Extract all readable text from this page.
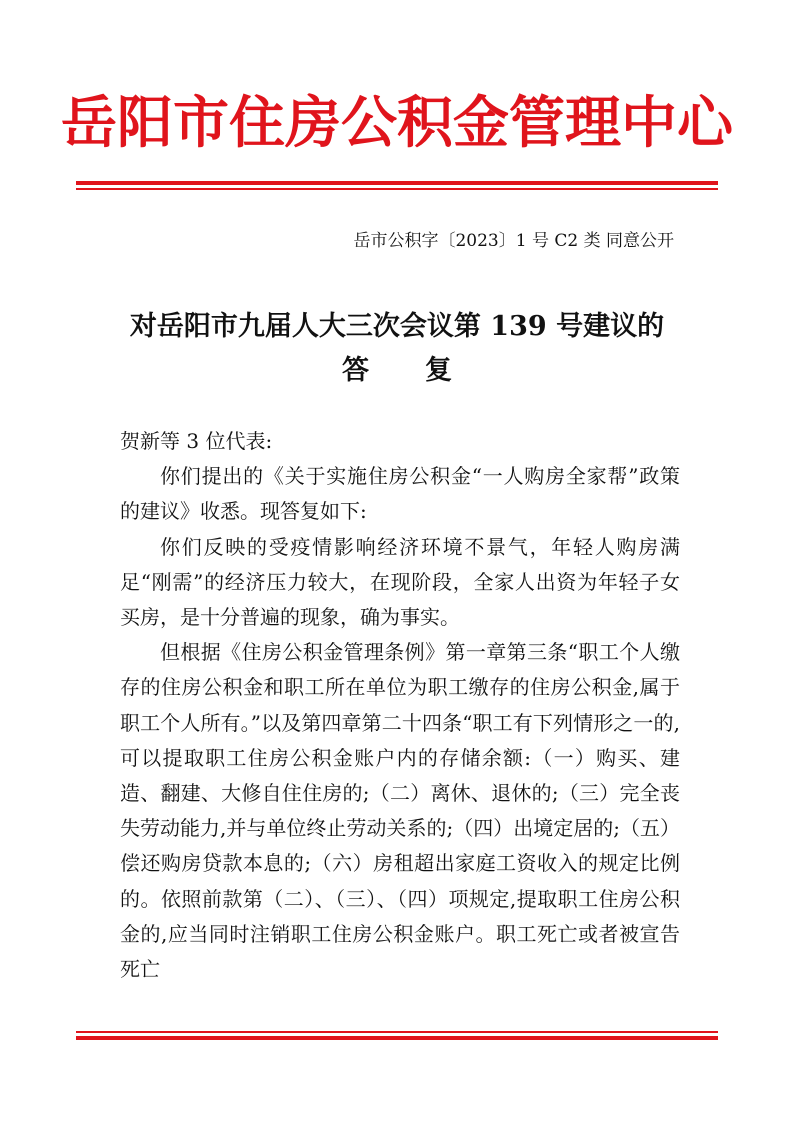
岳阳市住房公积金管理中心
岳市公积字〔2023〕1 号 C2 类 同意公开
对岳阳市九届人大三次会议第 139 号建议的
答复

贺新等 3 位代表:

你们提出的《关于实施住房公积金“一人购房全家帮”政策的建议》收悉。现答复如下:

你们反映的受疫情影响经济环境不景气，年轻人购房满足“刚需”的经济压力较大，在现阶段，全家人出资为年轻子女买房，是十分普遍的现象，确为事实。

但根据《住房公积金管理条例》第一章第三条“职工个人缴存的住房公积金和职工所在单位为职工缴存的住房公积金,属于职工个人所有。”以及第四章第二十四条“职工有下列情形之一的,可以提取职工住房公积金账户内的存储余额:（一）购买、建造、翻建、大修自住住房的;（二）离休、退休的;（三）完全丧失劳动能力,并与单位终止劳动关系的;（四）出境定居的;（五）偿还购房贷款本息的;（六）房租超出家庭工资收入的规定比例的。依照前款第（二）、（三）、（四）项规定,提取职工住房公积金的,应当同时注销职工住房公积金账户。职工死亡或者被宣告死亡
